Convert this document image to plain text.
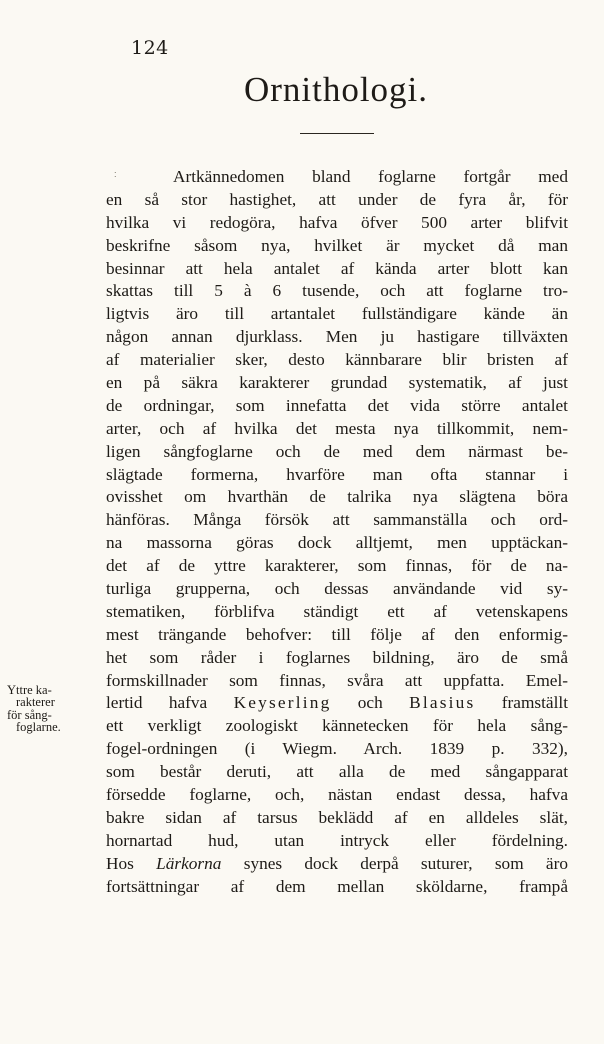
124
Ornithologi.
∶
Yttre ka-
rakterer
för sång-
foglarne.
Artkännedomen bland foglarne fortgår med
en så stor hastighet, att under de fyra år, för
hvilka vi redogöra, hafva öfver 500 arter blifvit
beskrifne såsom nya, hvilket är mycket då man
besinnar att hela antalet af kända arter blott kan
skattas till 5 à 6 tusende, och att foglarne tro-
ligtvis äro till artantalet fullständigare kände än
någon annan djurklass. Men ju hastigare tillväxten
af materialier sker, desto kännbarare blir bristen af
en på säkra karakterer grundad systematik, af just
de ordningar, som innefatta det vida större antalet
arter, och af hvilka det mesta nya tillkommit, nem-
ligen sångfoglarne och de med dem närmast be-
slägtade formerna, hvarföre man ofta stannar i
ovisshet om hvarthän de talrika nya slägtena böra
hänföras. Många försök att sammanställa och ord-
na massorna göras dock alltjemt, men upptäckan-
det af de yttre karakterer, som finnas, för de na-
turliga grupperna, och dessas användande vid sy-
stematiken, förblifva ständigt ett af vetenskapens
mest trängande behofver: till följe af den enformig-
het som råder i foglarnes bildning, äro de små
formskillnader som finnas, svåra att uppfatta. Emel-
lertid hafva Keyserling och Blasius framställt
ett verkligt zoologiskt kännetecken för hela sång-
fogel-ordningen (i Wiegm. Arch. 1839 p. 332),
som består deruti, att alla de med sångapparat
försedde foglarne, och, nästan endast dessa, hafva
bakre sidan af tarsus beklädd af en alldeles slät,
hornartad hud, utan intryck eller fördelning.
Hos Lärkorna synes dock derpå suturer, som äro
fortsättningar af dem mellan sköldarne, frampå
